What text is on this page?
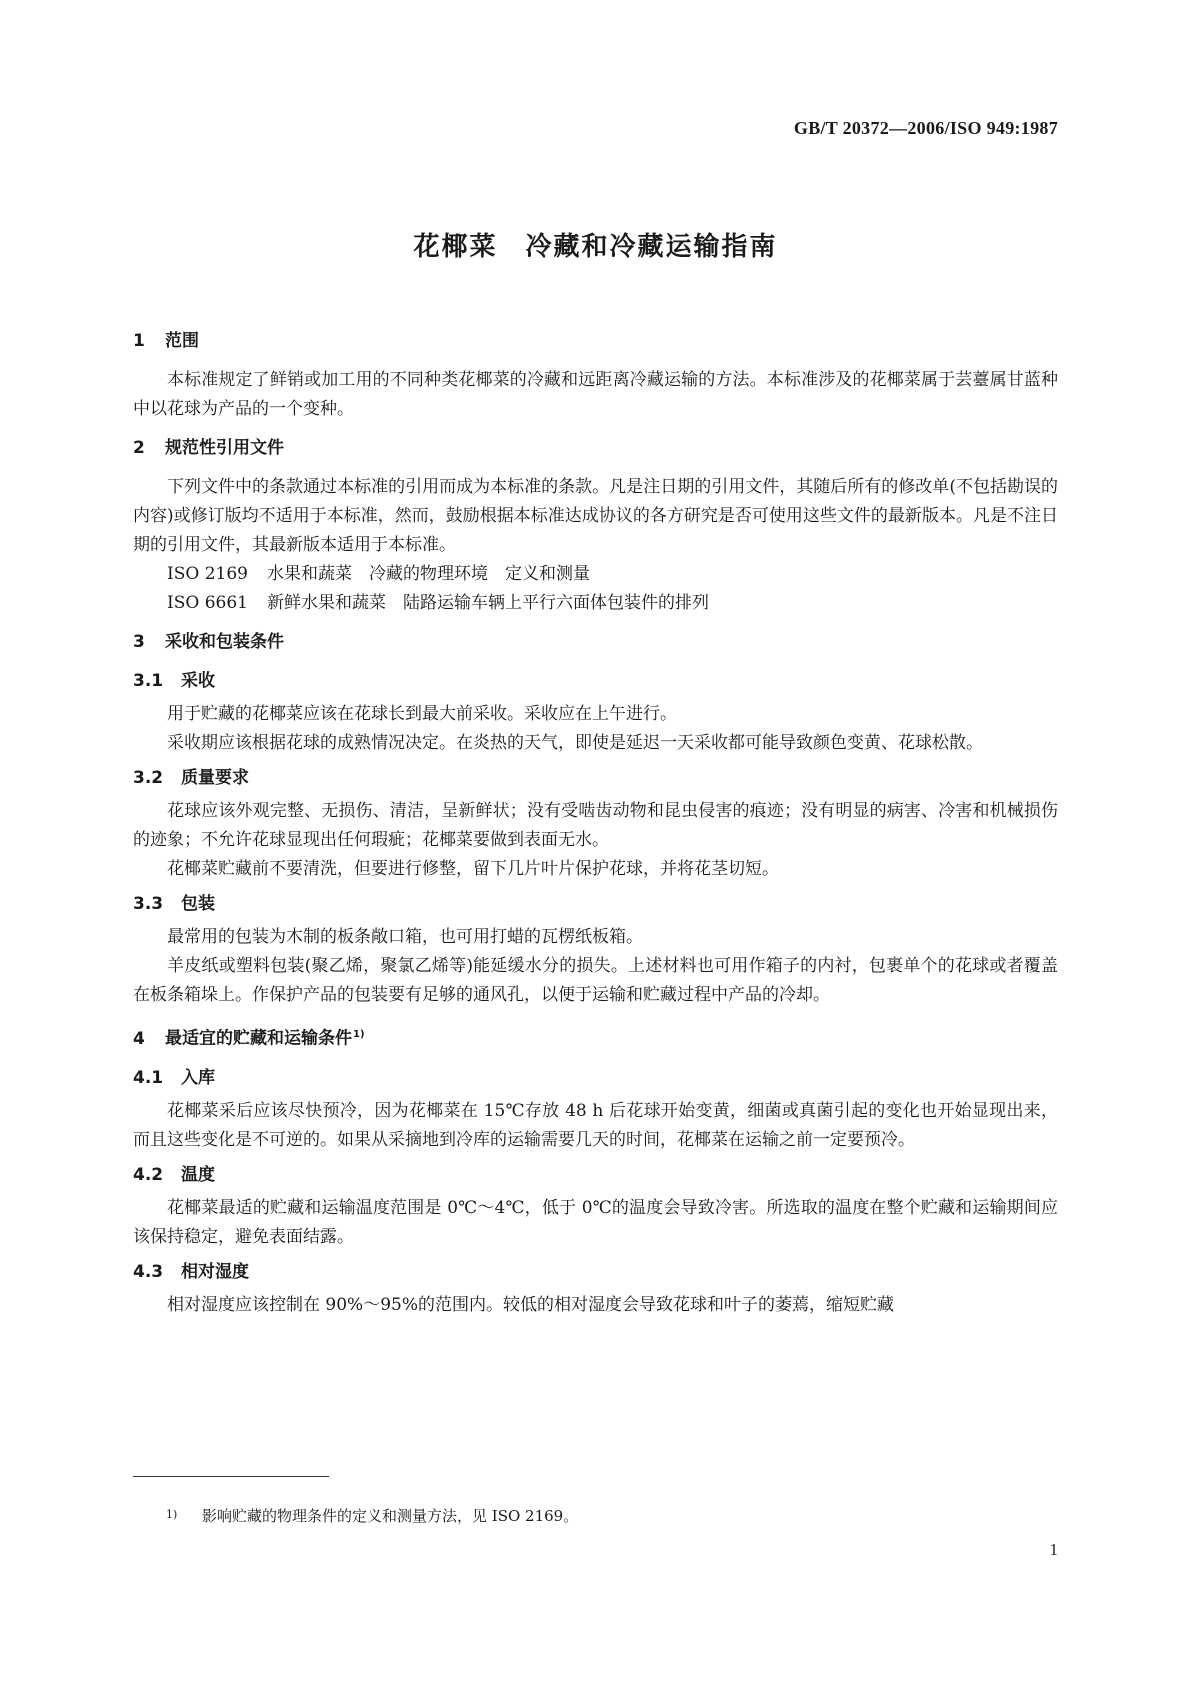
GB/T 20372—2006/ISO 949:1987
花椰菜　冷藏和冷藏运输指南
1 范围

本标准规定了鲜销或加工用的不同种类花椰菜的冷藏和远距离冷藏运输的方法。本标准涉及的花椰菜属于芸薹属甘蓝种中以花球为产品的一个变种。

2 规范性引用文件

下列文件中的条款通过本标准的引用而成为本标准的条款。凡是注日期的引用文件，其随后所有的修改单(不包括勘误的内容)或修订版均不适用于本标准，然而，鼓励根据本标准达成协议的各方研究是否可使用这些文件的最新版本。凡是不注日期的引用文件，其最新版本适用于本标准。

ISO 2169 水果和蔬菜　冷藏的物理环境　定义和测量

ISO 6661 新鲜水果和蔬菜　陆路运输车辆上平行六面体包装件的排列

3 采收和包装条件
3.1 采收

用于贮藏的花椰菜应该在花球长到最大前采收。采收应在上午进行。

采收期应该根据花球的成熟情况决定。在炎热的天气，即使是延迟一天采收都可能导致颜色变黄、花球松散。

3.2 质量要求

花球应该外观完整、无损伤、清洁，呈新鲜状；没有受啮齿动物和昆虫侵害的痕迹；没有明显的病害、冷害和机械损伤的迹象；不允许花球显现出任何瑕疵；花椰菜要做到表面无水。

花椰菜贮藏前不要清洗，但要进行修整，留下几片叶片保护花球，并将花茎切短。

3.3 包装

最常用的包装为木制的板条敞口箱，也可用打蜡的瓦楞纸板箱。

羊皮纸或塑料包装(聚乙烯，聚氯乙烯等)能延缓水分的损失。上述材料也可用作箱子的内衬，包裹单个的花球或者覆盖在板条箱垛上。作保护产品的包装要有足够的通风孔，以便于运输和贮藏过程中产品的冷却。

4 最适宜的贮藏和运输条件$^{1)}$
4.1 入库

花椰菜采后应该尽快预冷，因为花椰菜在 15℃存放 48 h 后花球开始变黄，细菌或真菌引起的变化也开始显现出来，而且这些变化是不可逆的。如果从采摘地到冷库的运输需要几天的时间，花椰菜在运输之前一定要预冷。

4.2 温度

花椰菜最适的贮藏和运输温度范围是 0℃～4℃，低于 0℃的温度会导致冷害。所选取的温度在整个贮藏和运输期间应该保持稳定，避免表面结露。

4.3 相对湿度

相对湿度应该控制在 90%～95%的范围内。较低的相对湿度会导致花球和叶子的萎蔫，缩短贮藏

1) 影响贮藏的物理条件的定义和测量方法，见 ISO 2169。
1
